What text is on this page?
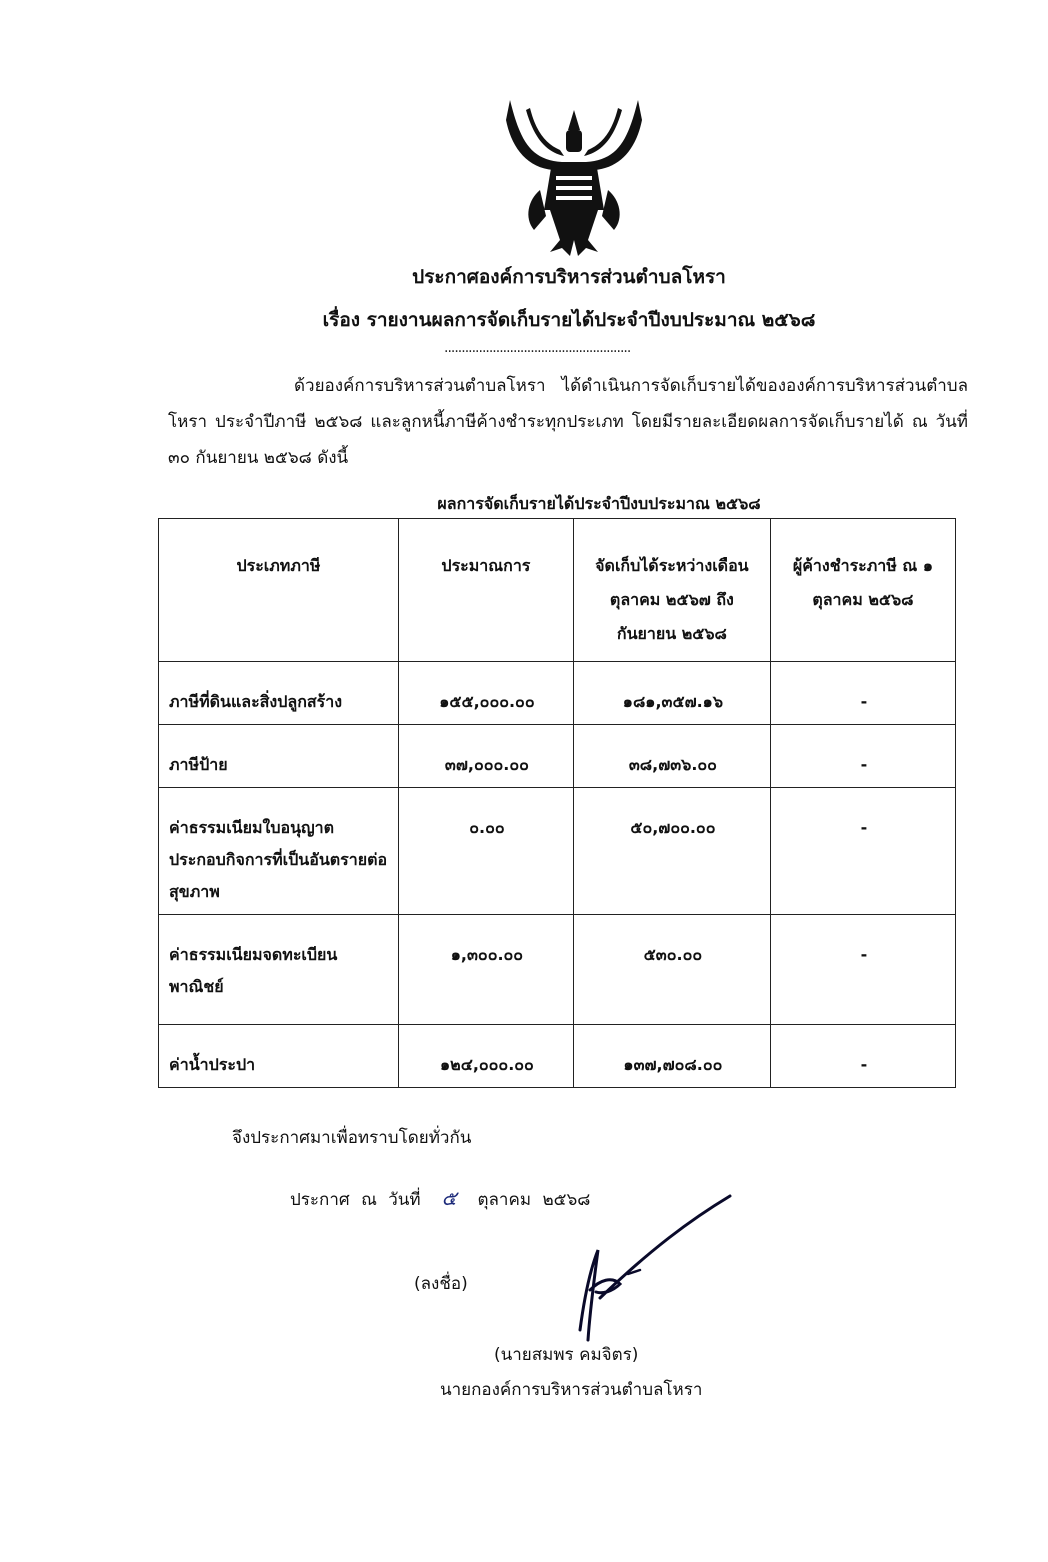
ประกาศองค์การบริหารส่วนตำบลโหรา
เรื่อง รายงานผลการจัดเก็บรายได้ประจำปีงบประมาณ ๒๕๖๘
......................................................
ด้วยองค์การบริหารส่วนตำบลโหรา ได้ดำเนินการจัดเก็บรายได้ขององค์การบริหารส่วนตำบลโหรา ประจำปีภาษี ๒๕๖๘ และลูกหนี้ภาษีค้างชำระทุกประเภท โดยมีรายละเอียดผลการจัดเก็บรายได้ ณ วันที่ ๓๐ กันยายน ๒๕๖๘ ดังนี้
ผลการจัดเก็บรายได้ประจำปีงบประมาณ ๒๕๖๘
ประเภทภาษี	ประมาณการ	จัดเก็บได้ระหว่างเดือน ตุลาคม ๒๕๖๗ ถึง กันยายน ๒๕๖๘	ผู้ค้างชำระภาษี ณ ๑ ตุลาคม ๒๕๖๘
ภาษีที่ดินและสิ่งปลูกสร้าง	๑๕๕,๐๐๐.๐๐	๑๘๑,๓๕๗.๑๖	-
ภาษีป้าย	๓๗,๐๐๐.๐๐	๓๘,๗๓๖.๐๐	-
ค่าธรรมเนียมใบอนุญาต ประกอบกิจการที่เป็นอันตรายต่อสุขภาพ	๐.๐๐	๕๐,๗๐๐.๐๐	-
ค่าธรรมเนียมจดทะเบียน พาณิชย์	๑,๓๐๐.๐๐	๕๓๐.๐๐	-
ค่าน้ำประปา	๑๒๔,๐๐๐.๐๐	๑๓๗,๗๐๘.๐๐	-
จึงประกาศมาเพื่อทราบโดยทั่วกัน
ประกาศ ณ วันที่ ๕ ตุลาคม ๒๕๖๘
(ลงชื่อ)
(นายสมพร คมจิตร)
นายกองค์การบริหารส่วนตำบลโหรา
